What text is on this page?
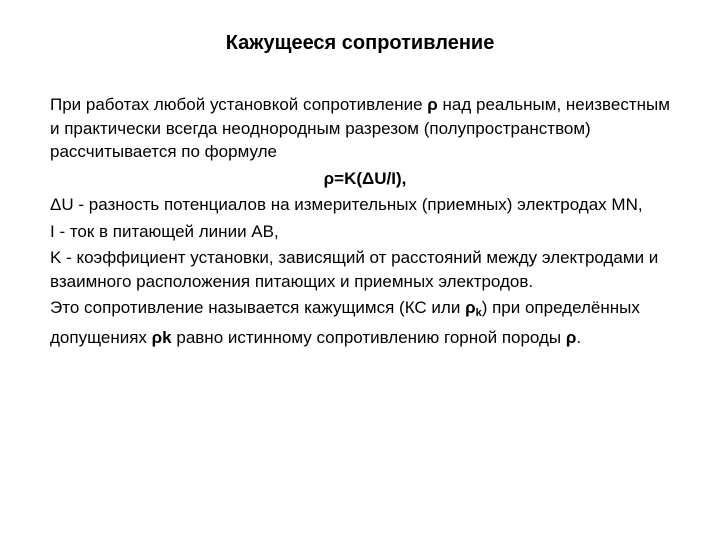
Кажущееся сопротивление

При работах любой установкой сопротивление ρ над реальным, неизвестным и практически всегда неоднородным разрезом (полупространством) рассчитывается по формуле

ρ=K(ΔU/I),

ΔU - разность потенциалов на измерительных (приемных) электродах MN,

I - ток в питающей линии AB,

K - коэффициент установки, зависящий от расстояний между электродами и взаимного расположения питающих и приемных электродов.

Это сопротивление называется кажущимся (КС или $\rho_k$) при определённых допущениях ρk равно истинному сопротивлению горной породы ρ.
